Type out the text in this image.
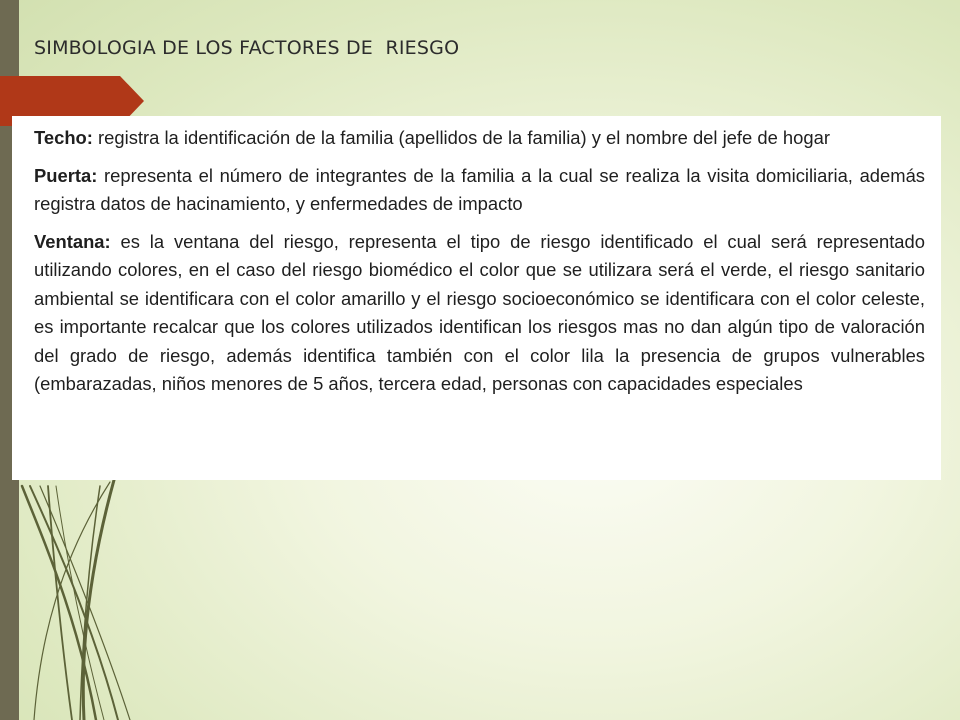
SIMBOLOGIA DE LOS FACTORES DE  RIESGO

Techo: registra la identificación de la familia (apellidos de la familia) y el nombre del jefe de hogar

Puerta: representa el número de integrantes de la familia a la cual se realiza la visita domiciliaria, además registra datos de hacinamiento, y enfermedades de impacto

Ventana: es la ventana del riesgo, representa el tipo de riesgo identificado el cual será representado utilizando colores, en el caso del riesgo biomédico el color que se utilizara será el verde, el riesgo sanitario ambiental se identificara con el color amarillo y el riesgo socioeconómico se identificara con el color celeste, es importante recalcar que los colores utilizados identifican los riesgos mas no dan algún tipo de valoración del grado de riesgo, además identifica también con el color lila la presencia de grupos vulnerables (embarazadas, niños menores de 5 años, tercera edad, personas con capacidades especiales
